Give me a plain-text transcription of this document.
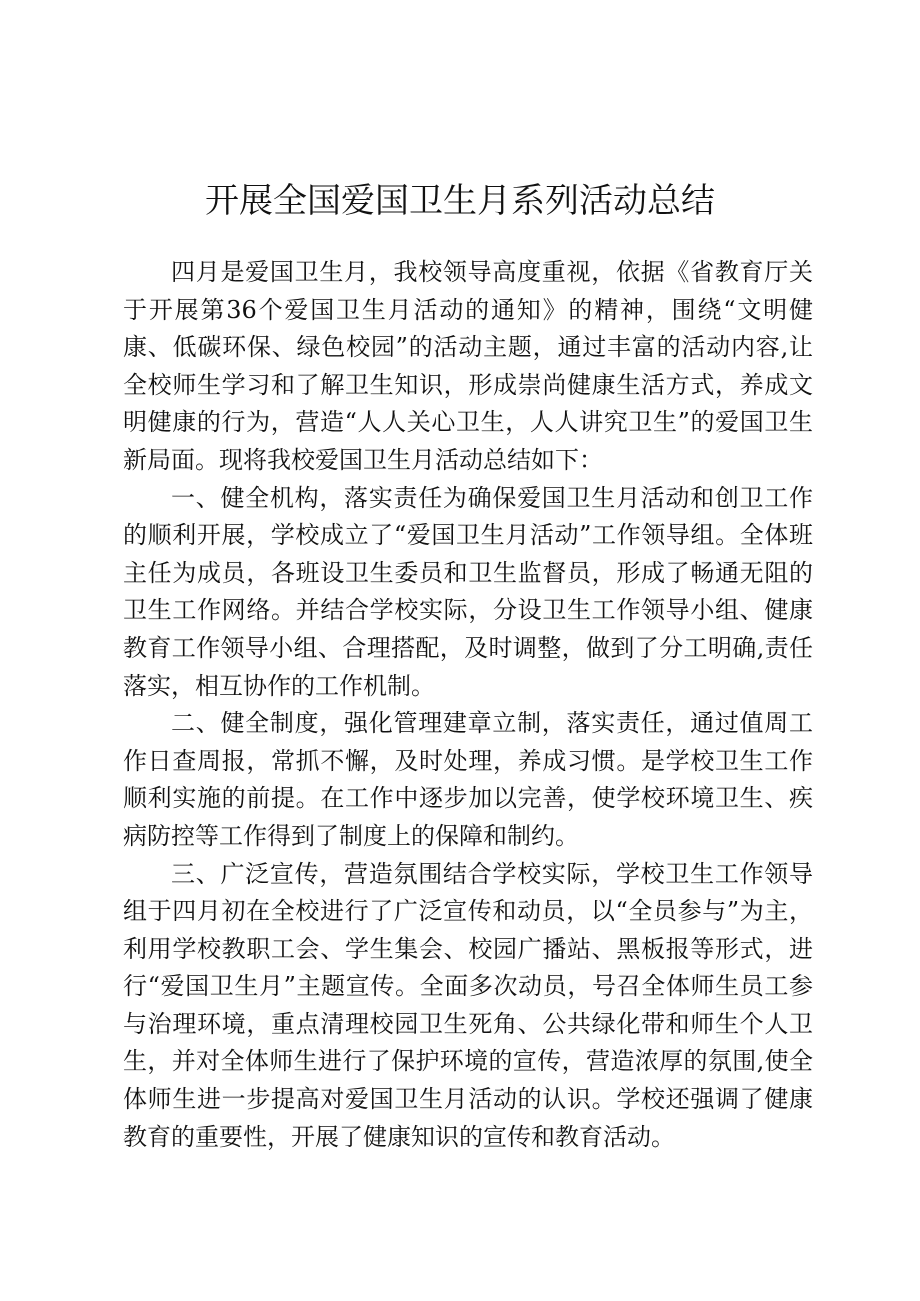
开展全国爱国卫生月系列活动总结

四月是爱国卫生月，我校领导高度重视，依据《省教育厅关于开展第36个爱国卫生月活动的通知》的精神，围绕“文明健康、低碳环保、绿色校园”的活动主题，通过丰富的活动内容,让全校师生学习和了解卫生知识，形成崇尚健康生活方式，养成文明健康的行为，营造“人人关心卫生，人人讲究卫生”的爱国卫生新局面。现将我校爱国卫生月活动总结如下：

一、健全机构，落实责任为确保爱国卫生月活动和创卫工作的顺利开展，学校成立了“爱国卫生月活动”工作领导组。全体班主任为成员，各班设卫生委员和卫生监督员，形成了畅通无阻的卫生工作网络。并结合学校实际，分设卫生工作领导小组、健康教育工作领导小组、合理搭配，及时调整，做到了分工明确,责任落实，相互协作的工作机制。

二、健全制度，强化管理建章立制，落实责任，通过值周工作日查周报，常抓不懈，及时处理，养成习惯。是学校卫生工作顺利实施的前提。在工作中逐步加以完善，使学校环境卫生、疾病防控等工作得到了制度上的保障和制约。

三、广泛宣传，营造氛围结合学校实际，学校卫生工作领导组于四月初在全校进行了广泛宣传和动员，以“全员参与”为主，利用学校教职工会、学生集会、校园广播站、黑板报等形式，进行“爱国卫生月”主题宣传。全面多次动员，号召全体师生员工参与治理环境，重点清理校园卫生死角、公共绿化带和师生个人卫生，并对全体师生进行了保护环境的宣传，营造浓厚的氛围,使全体师生进一步提高对爱国卫生月活动的认识。学校还强调了健康教育的重要性，开展了健康知识的宣传和教育活动。
